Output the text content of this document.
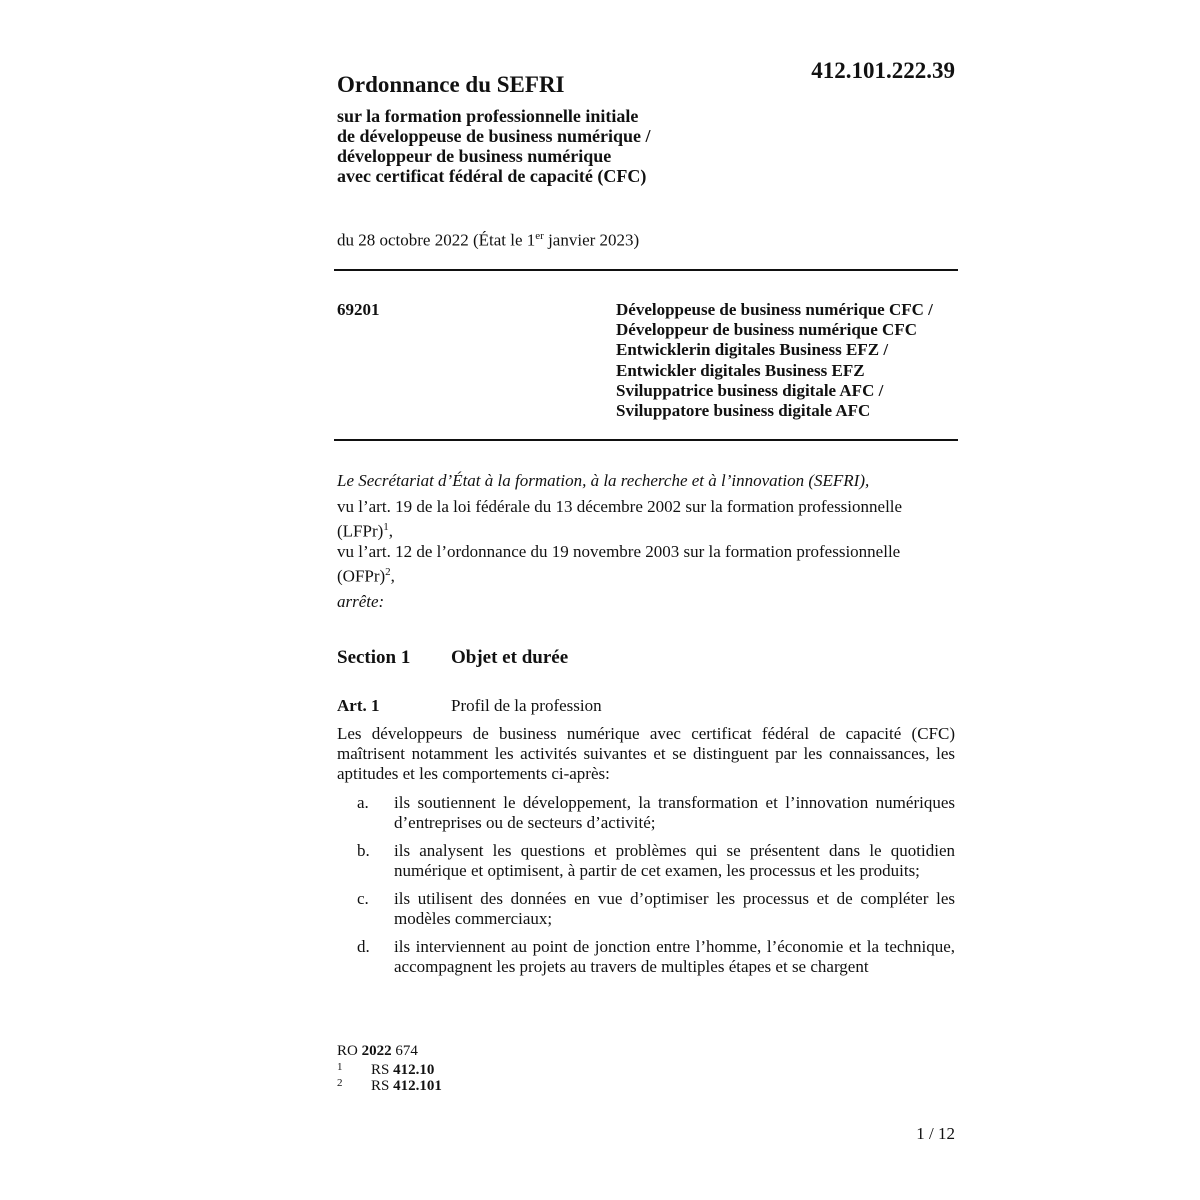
412.101.222.39
Ordonnance du SEFRI
sur la formation professionnelle initiale
de développeuse de business numérique /
développeur de business numérique
avec certificat fédéral de capacité (CFC)
du 28 octobre 2022 (État le 1er janvier 2023)
69201	Développeuse de business numérique CFC /
Développeur de business numérique CFC
Entwicklerin digitales Business EFZ /
Entwickler digitales Business EFZ
Sviluppatrice business digitale AFC /
Sviluppatore business digitale AFC
Le Secrétariat d’État à la formation, à la recherche et à l’innovation (SEFRI),
vu l’art. 19 de la loi fédérale du 13 décembre 2002 sur la formation professionnelle (LFPr)$^1$,
vu l’art. 12 de l’ordonnance du 19 novembre 2003 sur la formation professionnelle (OFPr)$^2$,
arrête:
Section 1 Objet et durée
Art. 1	Profil de la profession
Les développeurs de business numérique avec certificat fédéral de capacité (CFC) maîtrisent notamment les activités suivantes et se distinguent par les connaissances, les aptitudes et les comportements ci-après:
a. ils soutiennent le développement, la transformation et l’innovation numériques d’entreprises ou de secteurs d’activité;
b. ils analysent les questions et problèmes qui se présentent dans le quotidien numérique et optimisent, à partir de cet examen, les processus et les produits;
c. ils utilisent des données en vue d’optimiser les processus et de compléter les modèles commerciaux;
d. ils interviennent au point de jonction entre l’homme, l’économie et la technique, accompagnent les projets au travers de multiples étapes et se chargent
RO 2022 674
1 RS 412.10
2 RS 412.101
1 / 12
